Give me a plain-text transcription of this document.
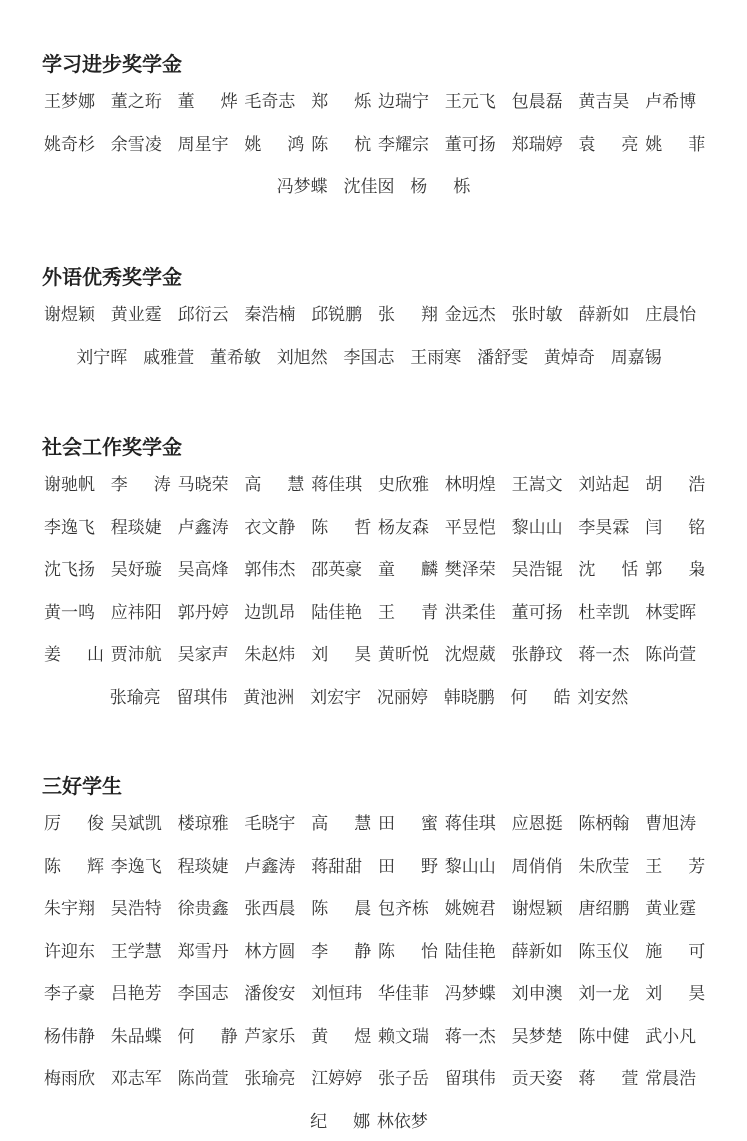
学习进步奖学金
王梦娜 董之珩 董 烨 毛奇志 郑 烁 边瑞宁 王元飞 包晨磊 黄吉昊 卢希博
姚奇杉 余雪凌 周星宇 姚 鸿 陈 杭 李耀宗 董可扬 郑瑞婷 袁 亮 姚 菲
冯梦蝶 沈佳囡 杨 栎
外语优秀奖学金
谢煜颖 黄业霆 邱衍云 秦浩楠 邱锐鹏 张 翔 金远杰 张时敏 薛新如 庄晨怡
刘宁晖 戚雅萱 董希敏 刘旭然 李国志 王雨寒 潘舒雯 黄焯奇 周嘉锡
社会工作奖学金
谢驰帆 李 涛 马晓荣 高 慧 蒋佳琪 史欣雅 林明煌 王嵩文 刘站起 胡 浩
李逸飞 程琰婕 卢鑫涛 衣文静 陈 哲 杨友森 平昱恺 黎山山 李昊霖 闫 铭
沈飞扬 吴妤璇 吴高烽 郭伟杰 邵英豪 童 麟 樊泽荣 吴浩锟 沈 恬 郭 枭
黄一鸣 应祎阳 郭丹婷 边凯昂 陆佳艳 王 青 洪柔佳 董可扬 杜幸凯 林雯晖
姜 山 贾沛航 吴家声 朱赵炜 刘 昊 黄昕悦 沈煜葳 张静玟 蒋一杰 陈尚萱
张瑜亮 留琪伟 黄池洲 刘宏宇 况丽婷 韩晓鹏 何 皓 刘安然
三好学生
厉 俊 吴斌凯 楼琼雅 毛晓宇 高 慧 田 蜜 蒋佳琪 应恩挺 陈柄翰 曹旭涛
陈 辉 李逸飞 程琰婕 卢鑫涛 蒋甜甜 田 野 黎山山 周俏俏 朱欣莹 王 芳
朱宇翔 吴浩特 徐贵鑫 张西晨 陈 晨 包齐栋 姚婉君 谢煜颖 唐绍鹏 黄业霆
许迎东 王学慧 郑雪丹 林方圆 李 静 陈 怡 陆佳艳 薛新如 陈玉仪 施 可
李子豪 吕艳芳 李国志 潘俊安 刘恒玮 华佳菲 冯梦蝶 刘申澳 刘一龙 刘 昊
杨伟静 朱品蝶 何 静 芦家乐 黄 煜 赖文瑞 蒋一杰 吴梦楚 陈中健 武小凡
梅雨欣 邓志军 陈尚萱 张瑜亮 江婷婷 张子岳 留琪伟 贡天姿 蒋 萱 常晨浩
纪 娜 林依梦
